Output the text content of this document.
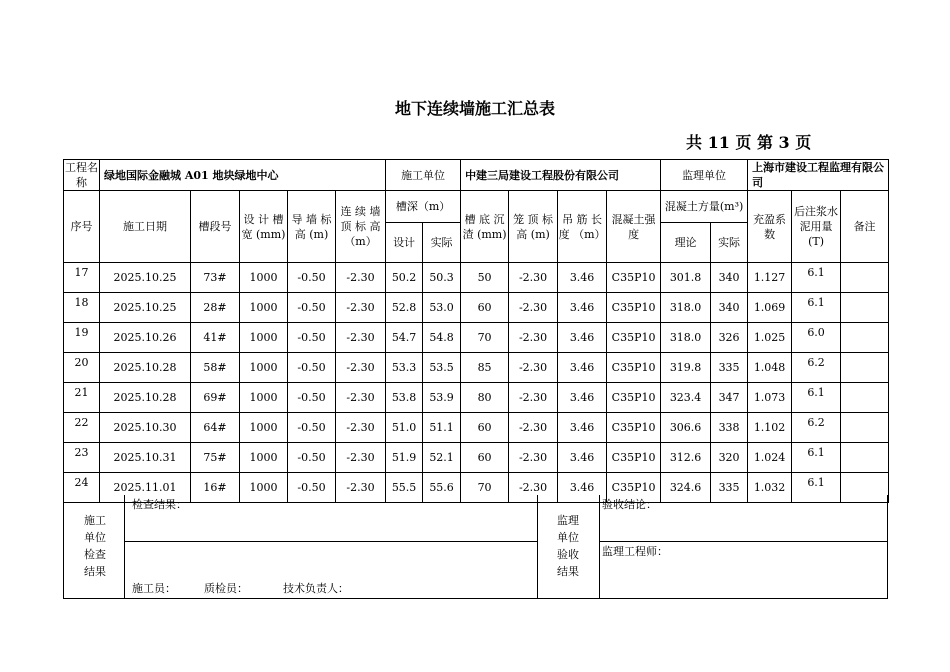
地下连续墙施工汇总表
共 11 页 第 3 页
工程名称	绿地国际金融城 A01 地块绿地中心					施工单位		中建三局建设工程股份有限公司				监理单位		上海市建设工程监理有限公司		
序号	施工日期	槽段号	设 计 槽 宽 (mm)	导 墙 标 高 (m)	连 续 墙 顶 标 高 （m）	槽深（m）		槽 底 沉 渣 (mm)	笼 顶 标 高 (m)	吊 筋 长 度 （m）	混凝土强度	混凝土方量(m³)		充盈系数	后注浆水泥用量(T)	备注
						设计	实际					理论	实际			
17	2025.10.25	73#	1000	-0.50	-2.30	50.2	50.3	50	-2.30	3.46	C35P10	301.8	340	1.127	6.1	
18	2025.10.25	28#	1000	-0.50	-2.30	52.8	53.0	60	-2.30	3.46	C35P10	318.0	340	1.069	6.1	
19	2025.10.26	41#	1000	-0.50	-2.30	54.7	54.8	70	-2.30	3.46	C35P10	318.0	326	1.025	6.0	
20	2025.10.28	58#	1000	-0.50	-2.30	53.3	53.5	85	-2.30	3.46	C35P10	319.8	335	1.048	6.2	
21	2025.10.28	69#	1000	-0.50	-2.30	53.8	53.9	80	-2.30	3.46	C35P10	323.4	347	1.073	6.1	
22	2025.10.30	64#	1000	-0.50	-2.30	51.0	51.1	60	-2.30	3.46	C35P10	306.6	338	1.102	6.2	
23	2025.10.31	75#	1000	-0.50	-2.30	51.9	52.1	60	-2.30	3.46	C35P10	312.6	320	1.024	6.1	
24	2025.11.01	16#	1000	-0.50	-2.30	55.5	55.6	70	-2.30	3.46	C35P10	324.6	335	1.032	6.1	
施工
单位
检查
结果
检查结果：
施工员：        质检员：          技术负责人：
监理
单位
验收
结果
验收结论：
监理工程师：
